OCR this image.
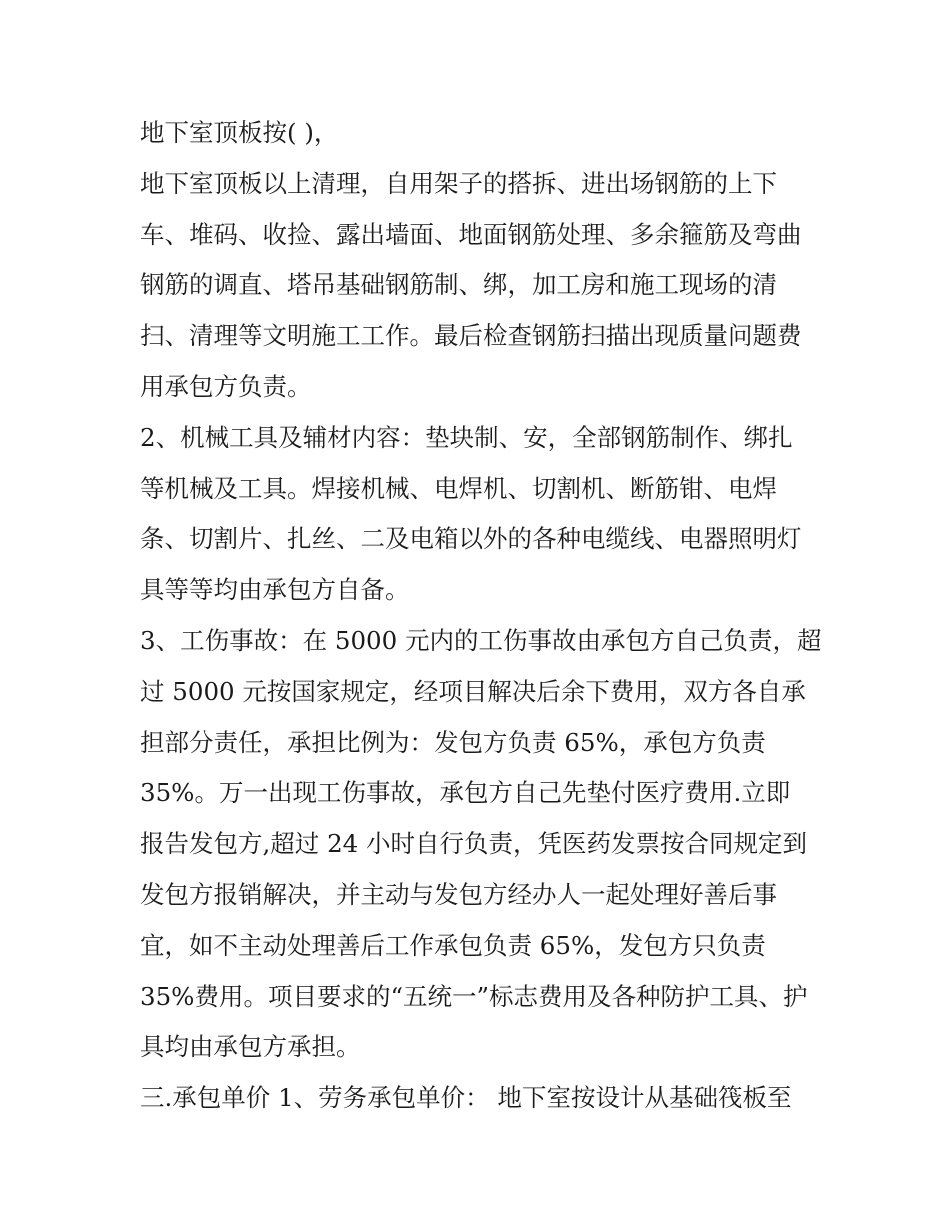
地下室顶板按( )，
地下室顶板以上清理，自用架子的搭拆、进出场钢筋的上下
车、堆码、收捡、露出墙面、地面钢筋处理、多余箍筋及弯曲
钢筋的调直、塔吊基础钢筋制、绑，加工房和施工现场的清
扫、清理等文明施工工作。最后检查钢筋扫描出现质量问题费
用承包方负责。
2、机械工具及辅材内容：垫块制、安，全部钢筋制作、绑扎
等机械及工具。焊接机械、电焊机、切割机、断筋钳、电焊
条、切割片、扎丝、二及电箱以外的各种电缆线、电器照明灯
具等等均由承包方自备。
3、工伤事故：在 5000 元内的工伤事故由承包方自己负责，超
过 5000 元按国家规定，经项目解决后余下费用，双方各自承
担部分责任，承担比例为：发包方负责 65%，承包方负责
35%。万一出现工伤事故，承包方自己先垫付医疗费用.立即
报告发包方,超过 24 小时自行负责，凭医药发票按合同规定到
发包方报销解决，并主动与发包方经办人一起处理好善后事
宜，如不主动处理善后工作承包负责 65%，发包方只负责
35%费用。项目要求的“五统一”标志费用及各种防护工具、护
具均由承包方承担。
三.承包单价 1、劳务承包单价： 地下室按设计从基础筏板至
